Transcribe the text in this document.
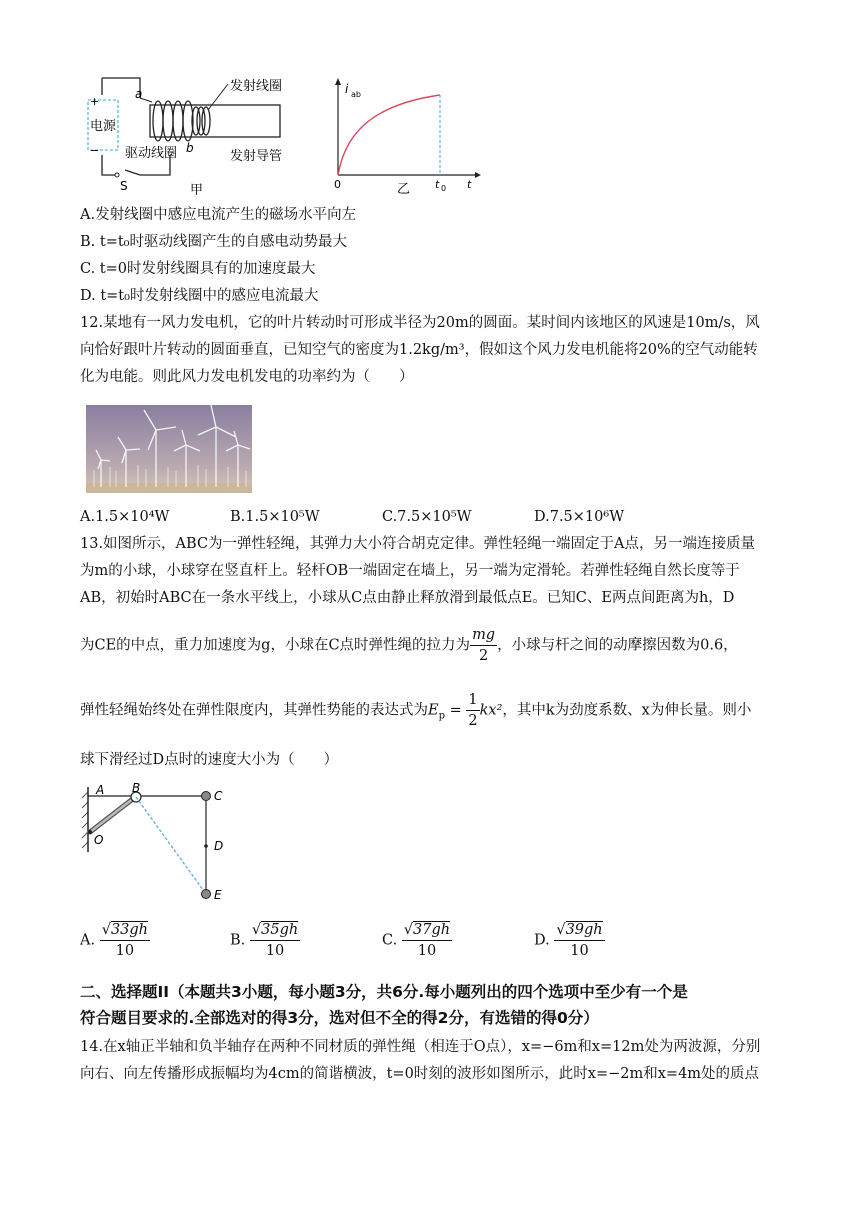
发射线圈
发射导管
驱动线圈
电源
a
b
+
−
S	甲
i ab
0	t 0 t
乙
A.发射线圈中感应电流产生的磁场水平向左
B. t=t₀时驱动线圈产生的自感电动势最大
C. t=0时发射线圈具有的加速度最大
D. t=t₀时发射线圈中的感应电流最大
12.某地有一风力发电机，它的叶片转动时可形成半径为20m的圆面。某时间内该地区的风速是10m/s，风
向恰好跟叶片转动的圆面垂直，已知空气的密度为1.2kg/m³，假如这个风力发电机能将20%的空气动能转
化为电能。则此风力发电机发电的功率约为（　　）
A.1.5×10⁴W	B.1.5×10⁵W	C.7.5×10⁵W	D.7.5×10⁶W
13.如图所示，ABC为一弹性轻绳，其弹力大小符合胡克定律。弹性轻绳一端固定于A点，另一端连接质量
为m的小球，小球穿在竖直杆上。轻杆OB一端固定在墙上，另一端为定滑轮。若弹性轻绳自然长度等于
AB，初始时ABC在一条水平线上，小球从C点由静止释放滑到最低点E。已知C、E两点间距离为h，D
为CE的中点，重力加速度为g，小球在C点时弹性绳的拉力为 $\frac{mg}{2}$ ，小球与杆之间的动摩擦因数为0.6，
弹性轻绳始终处在弹性限度内，其弹性势能的表达式为$E_p = \frac{1}{2} kx^2$，其中k为劲度系数、x为伸长量。则小
球下滑经过D点时的速度大小为（　　）
A B
C
D
E
O
A. $\frac{√33gh}{10}$	B. $\frac{√35gh}{10}$	C. $\frac{√37gh}{10}$	D. $\frac{√39gh}{10}$
二、选择题II（本题共3小题，每小题3分，共6分.每小题列出的四个选项中至少有一个是
符合题目要求的.全部选对的得3分，选对但不全的得2分，有选错的得0分）
14.在x轴正半轴和负半轴存在两种不同材质的弹性绳（相连于O点），x=−6m和x=12m处为两波源，分别
向右、向左传播形成振幅均为4cm的简谐横波，t=0时刻的波形如图所示，此时x=−2m和x=4m处的质点
